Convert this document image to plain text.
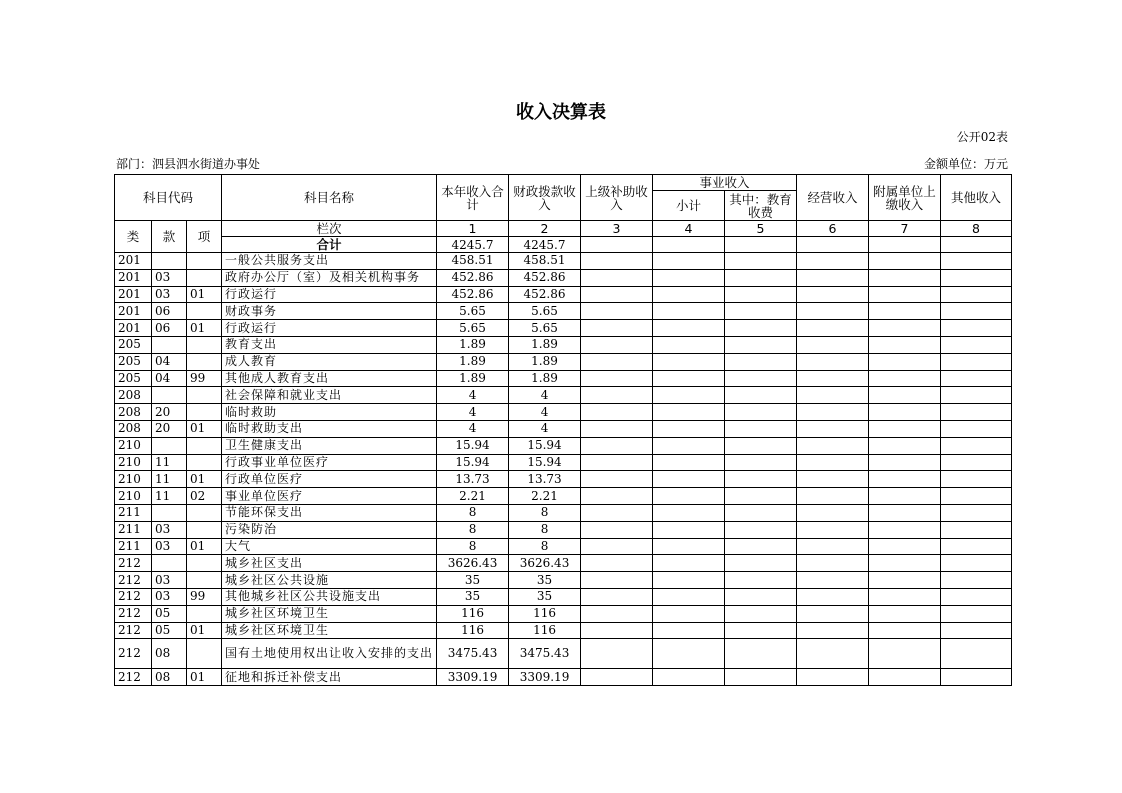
收入决算表
公开02表
部门：泗县泗水街道办事处	金额单位：万元
科目代码			科目名称	本年收入合计	财政拨款收入	上级补助收入	事业收入		经营收入	附属单位上缴收入	其他收入
							小计	其中：教育收费			

类	款	项	栏次	1	2	3	4	5	6	7	8
			合计	4245.7	4245.7						
201			一般公共服务支出	458.51	458.51						
201	03		政府办公厅（室）及相关机构事务	452.86	452.86						
201	03	01	行政运行	452.86	452.86						
201	06		财政事务	5.65	5.65						
201	06	01	行政运行	5.65	5.65						
205			教育支出	1.89	1.89						
205	04		成人教育	1.89	1.89						
205	04	99	其他成人教育支出	1.89	1.89						
208			社会保障和就业支出	4	4						
208	20		临时救助	4	4						
208	20	01	临时救助支出	4	4						
210			卫生健康支出	15.94	15.94						
210	11		行政事业单位医疗	15.94	15.94						
210	11	01	行政单位医疗	13.73	13.73						
210	11	02	事业单位医疗	2.21	2.21						
211			节能环保支出	8	8						
211	03		污染防治	8	8						
211	03	01	大气	8	8						
212			城乡社区支出	3626.43	3626.43						
212	03		城乡社区公共设施	35	35						
212	03	99	其他城乡社区公共设施支出	35	35						
212	05		城乡社区环境卫生	116	116						
212	05	01	城乡社区环境卫生	116	116						
212	08		国有土地使用权出让收入安排的支出	3475.43	3475.43						
212	08	01	征地和拆迁补偿支出	3309.19	3309.19						
